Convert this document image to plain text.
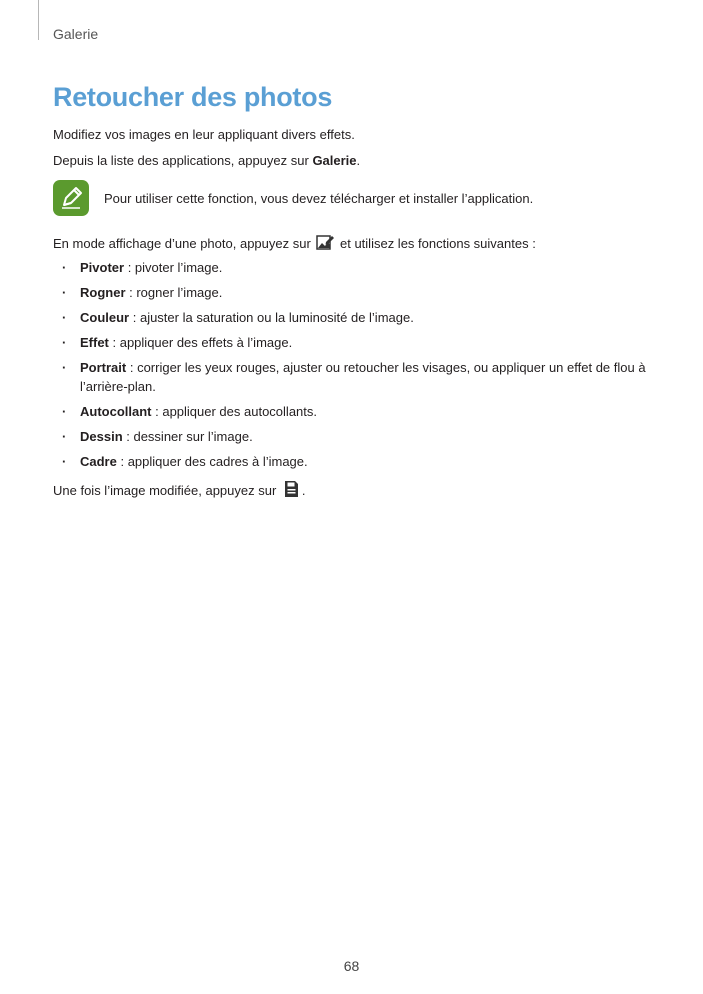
Galerie
Retoucher des photos

Modifiez vos images en leur appliquant divers effets.

Depuis la liste des applications, appuyez sur Galerie.

Pour utiliser cette fonction, vous devez télécharger et installer l’application.

En mode affichage d’une photo, appuyez sur  et utilisez les fonctions suivantes :

· Pivoter : pivoter l’image.
· Rogner : rogner l’image.
· Couleur : ajuster la saturation ou la luminosité de l’image.
· Effet : appliquer des effets à l’image.
· Portrait : corriger les yeux rouges, ajuster ou retoucher les visages, ou appliquer un effet de flou à l’arrière-plan.
· Autocollant : appliquer des autocollants.
· Dessin : dessiner sur l’image.
· Cadre : appliquer des cadres à l’image.

Une fois l’image modifiée, appuyez sur .

68
